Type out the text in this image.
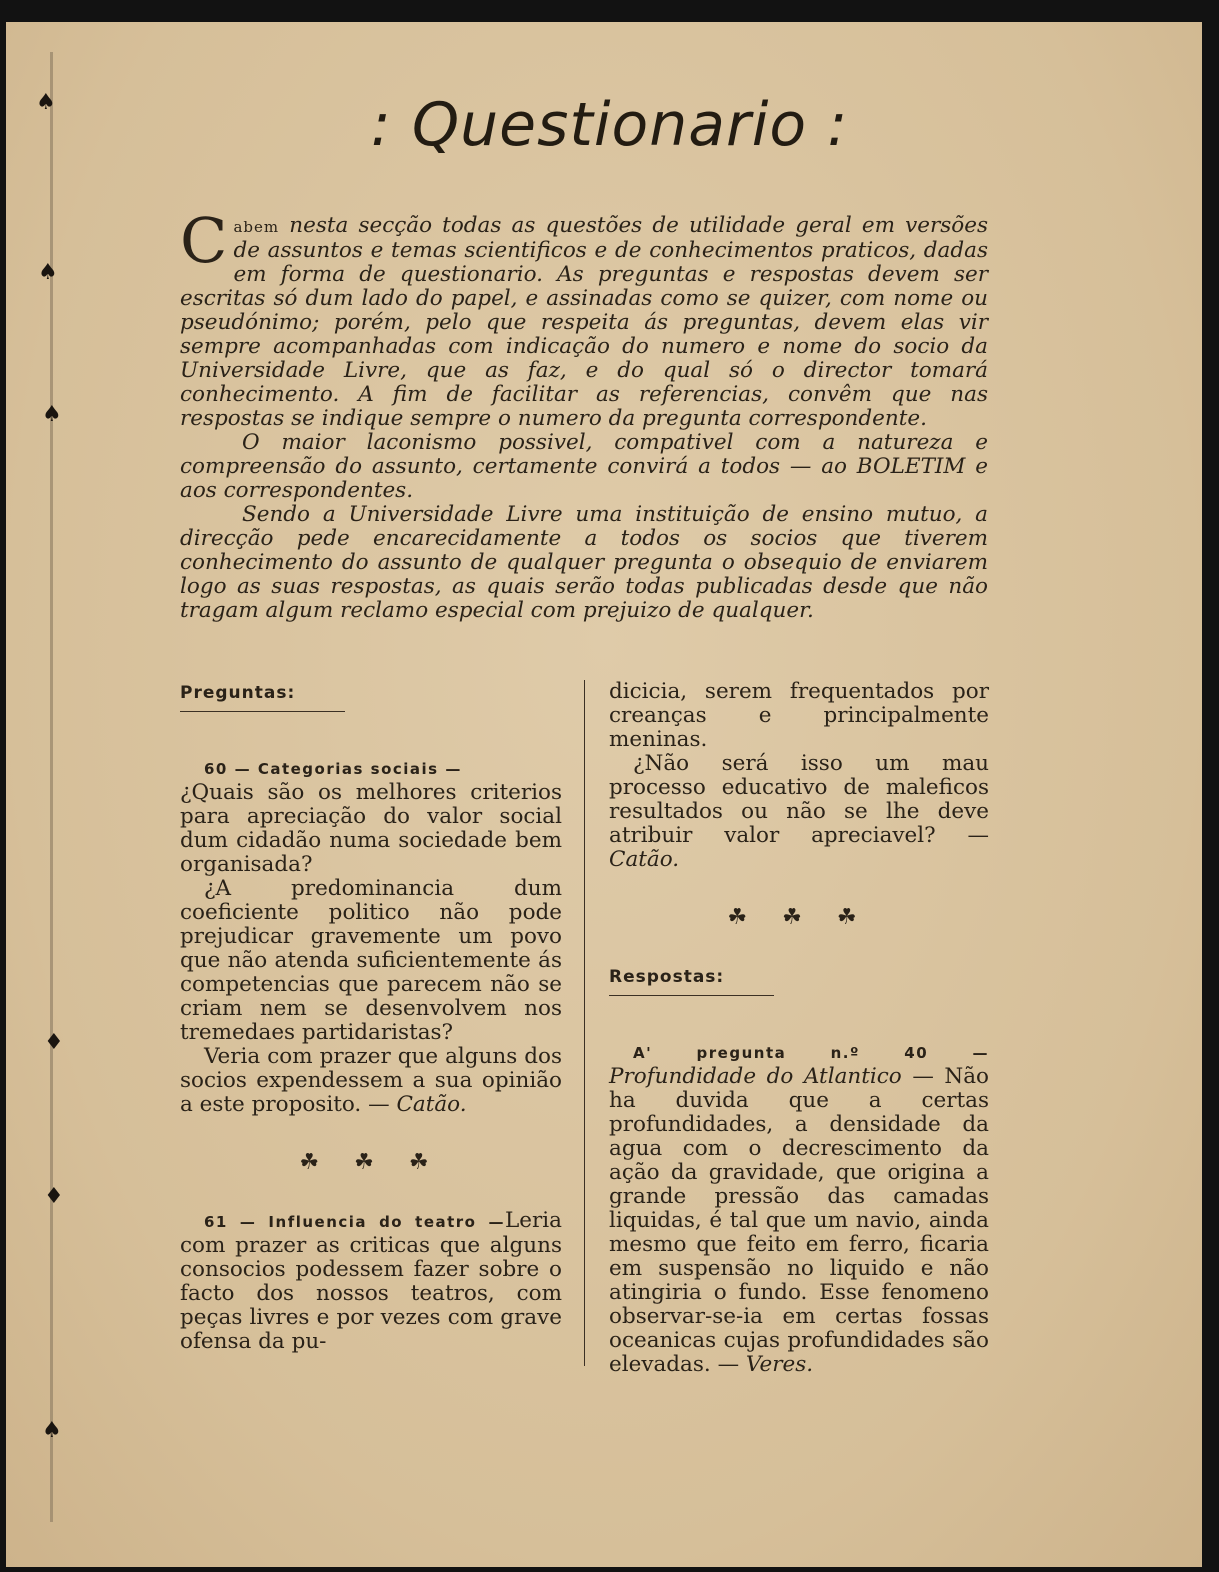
♠
♠
♠
♦
♦
♠
: Questionario :

Cabem nesta secção todas as questões de utilidade geral em versões de assuntos e temas scientificos e de conhecimentos praticos, dadas em forma de questionario. As preguntas e respostas devem ser escritas só dum lado do papel, e assinadas como se quizer, com nome ou pseudónimo; porém, pelo que respeita ás preguntas, devem elas vir sempre acompanhadas com indicação do numero e nome do socio da Universidade Livre, que as faz, e do qual só o director tomará conhecimento. A fim de facilitar as referencias, convêm que nas respostas se indique sempre o numero da pregunta correspondente.

O maior laconismo possivel, compativel com a natureza e compreensão do assunto, certamente convirá a todos — ao BOLETIM e aos correspondentes.

Sendo a Universidade Livre uma instituição de ensino mutuo, a direcção pede encarecidamente a todos os socios que tiverem conhecimento do assunto de qualquer pregunta o obsequio de enviarem logo as suas respostas, as quais serão todas publicadas desde que não tragam algum reclamo especial com prejuizo de qualquer.

Preguntas:

60 — Categorias sociais —

¿Quais são os melhores criterios para apreciação do valor social dum cidadão numa sociedade bem organisada?

¿A predominancia dum coeficiente politico não pode prejudicar gravemente um povo que não atenda suficientemente ás competencias que parecem não se criam nem se desenvolvem nos tremedaes partidaristas?

Veria com prazer que alguns dos socios expendessem a sua opinião a este proposito. — Catão.

☘ ☘ ☘

61 — Influencia do teatro —Leria com prazer as criticas que alguns consocios podessem fazer sobre o facto dos nossos teatros, com peças livres e por vezes com grave ofensa da pu-

dicicia, serem frequentados por creanças e principalmente meninas.

¿Não será isso um mau processo educativo de maleficos resultados ou não se lhe deve atribuir valor apreciavel? — Catão.

☘ ☘ ☘
Respostas:

A' pregunta n.º 40 — Profundidade do Atlantico — Não ha duvida que a certas profundidades, a densidade da agua com o decrescimento da ação da gravidade, que origina a grande pressão das camadas liquidas, é tal que um navio, ainda mesmo que feito em ferro, ficaria em suspensão no liquido e não atingiria o fundo. Esse fenomeno observar-se-ia em certas fossas oceanicas cujas profundidades são elevadas. — Veres.
